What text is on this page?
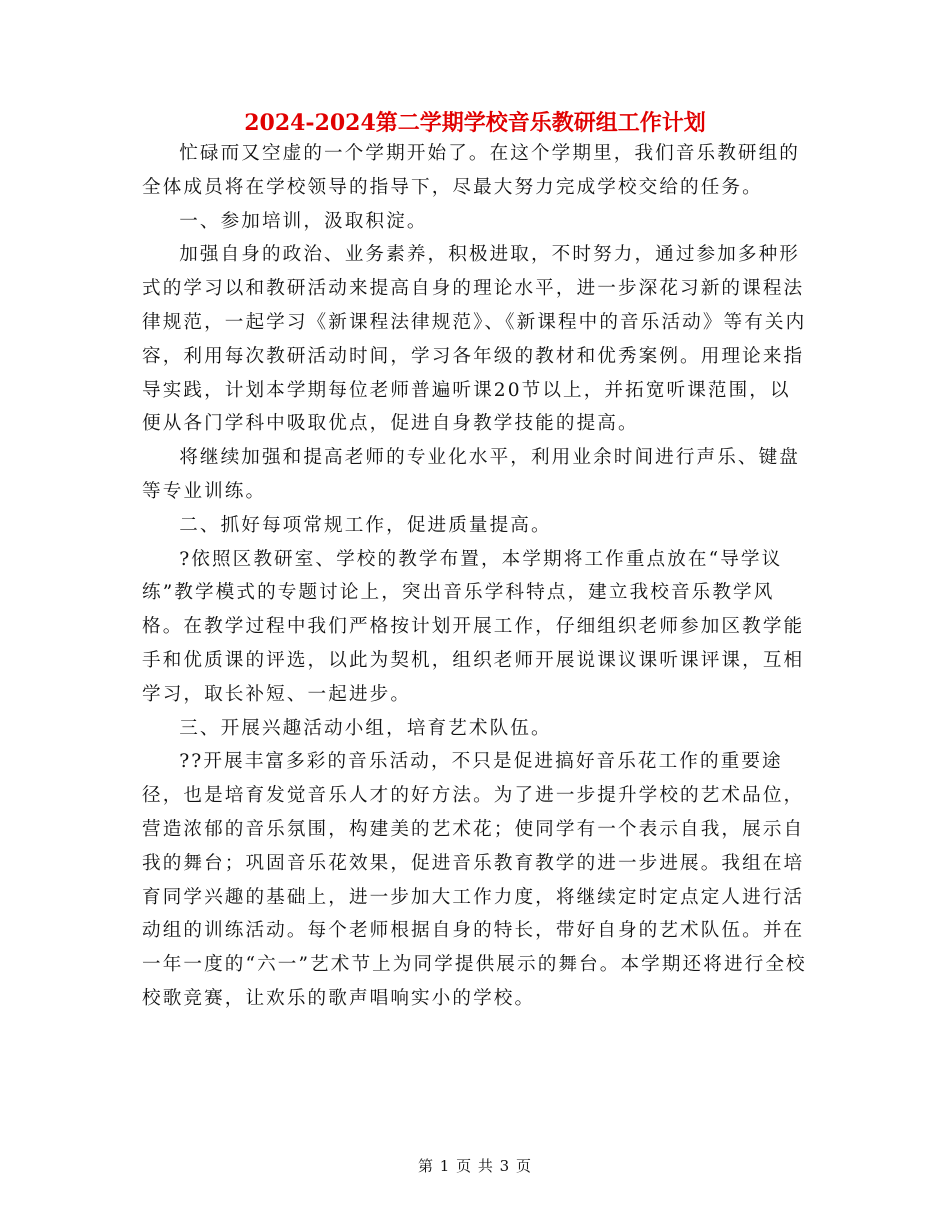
2024-2024第二学期学校音乐教研组工作计划

忙碌而又空虚的一个学期开始了。在这个学期里，我们音乐教研组的全体成员将在学校领导的指导下，尽最大努力完成学校交给的任务。

一、参加培训，汲取积淀。

加强自身的政治、业务素养，积极进取，不时努力，通过参加多种形式的学习以和教研活动来提高自身的理论水平，进一步深花习新的课程法律规范，一起学习《新课程法律规范》、《新课程中的音乐活动》等有关内容，利用每次教研活动时间，学习各年级的教材和优秀案例。用理论来指导实践，计划本学期每位老师普遍听课20节以上，并拓宽听课范围，以便从各门学科中吸取优点，促进自身教学技能的提高。

将继续加强和提高老师的专业化水平，利用业余时间进行声乐、键盘等专业训练。

二、抓好每项常规工作，促进质量提高。

?依照区教研室、学校的教学布置，本学期将工作重点放在“导学议练”教学模式的专题讨论上，突出音乐学科特点，建立我校音乐教学风格。在教学过程中我们严格按计划开展工作，仔细组织老师参加区教学能手和优质课的评选，以此为契机，组织老师开展说课议课听课评课，互相学习，取长补短、一起进步。

三、开展兴趣活动小组，培育艺术队伍。

??开展丰富多彩的音乐活动，不只是促进搞好音乐花工作的重要途径，也是培育发觉音乐人才的好方法。为了进一步提升学校的艺术品位，营造浓郁的音乐氛围，构建美的艺术花；使同学有一个表示自我，展示自我的舞台；巩固音乐花效果，促进音乐教育教学的进一步进展。我组在培育同学兴趣的基础上，进一步加大工作力度，将继续定时定点定人进行活动组的训练活动。每个老师根据自身的特长，带好自身的艺术队伍。并在一年一度的“六一”艺术节上为同学提供展示的舞台。本学期还将进行全校校歌竞赛，让欢乐的歌声唱响实小的学校。

第 1 页 共 3 页
